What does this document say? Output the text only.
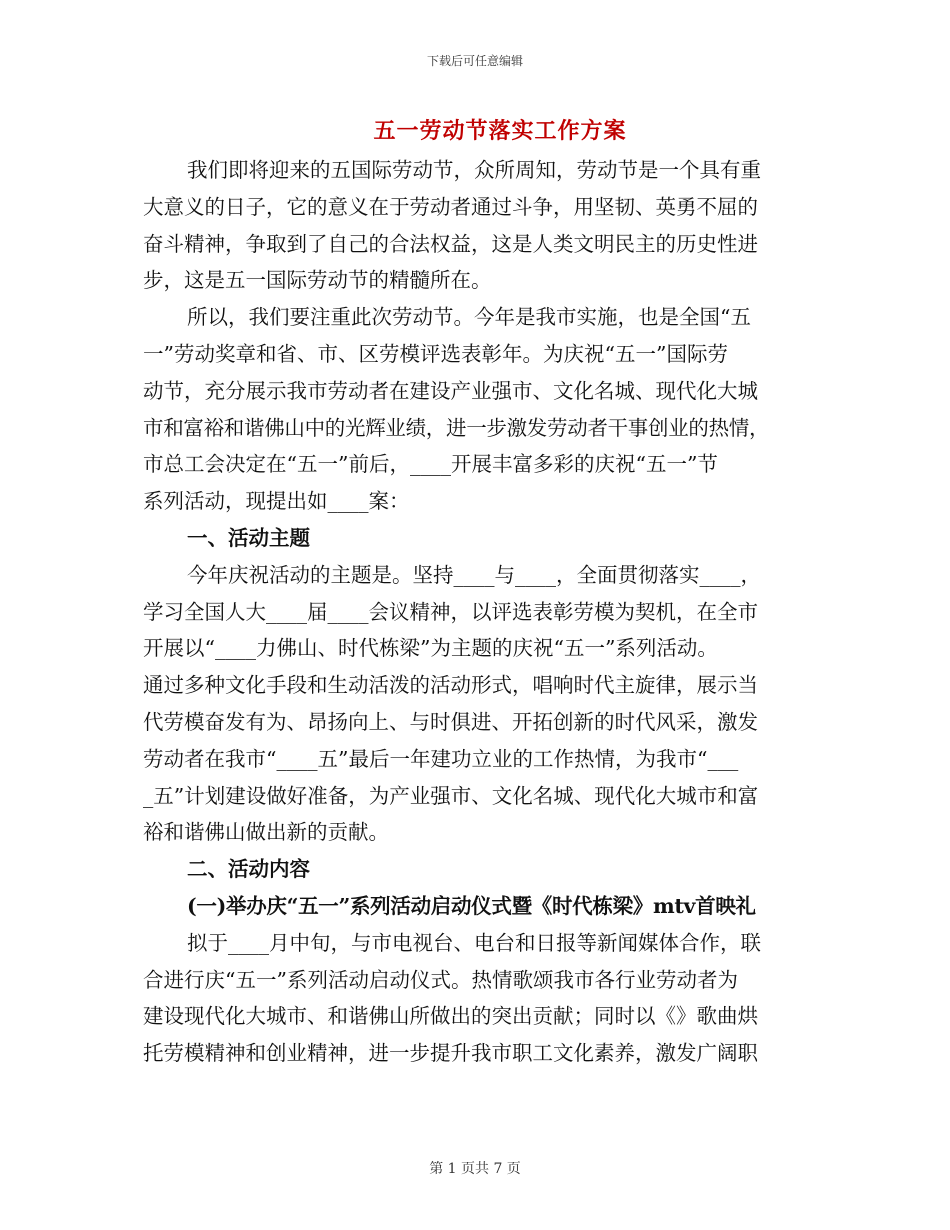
下载后可任意编辑
五一劳动节落实工作方案
我们即将迎来的五国际劳动节，众所周知，劳动节是一个具有重
大意义的日子，它的意义在于劳动者通过斗争，用坚韧、英勇不屈的
奋斗精神，争取到了自己的合法权益，这是人类文明民主的历史性进
步，这是五一国际劳动节的精髓所在。
所以，我们要注重此次劳动节。今年是我市实施，也是全国“五
一”劳动奖章和省、市、区劳模评选表彰年。为庆祝“五一”国际劳
动节，充分展示我市劳动者在建设产业强市、文化名城、现代化大城
市和富裕和谐佛山中的光辉业绩，进一步激发劳动者干事创业的热情，
市总工会决定在“五一”前后，____开展丰富多彩的庆祝“五一”节
系列活动，现提出如____案：
一、活动主题
今年庆祝活动的主题是。坚持____与____，全面贯彻落实____，
学习全国人大____届____会议精神，以评选表彰劳模为契机，在全市
开展以“____力佛山、时代栋梁”为主题的庆祝“五一”系列活动。
通过多种文化手段和生动活泼的活动形式，唱响时代主旋律，展示当
代劳模奋发有为、昂扬向上、与时俱进、开拓创新的时代风采，激发
劳动者在我市“____五”最后一年建功立业的工作热情，为我市“___
_五”计划建设做好准备，为产业强市、文化名城、现代化大城市和富
裕和谐佛山做出新的贡献。
二、活动内容
(一)举办庆“五一”系列活动启动仪式暨《时代栋梁》mtv首映礼
拟于____月中旬，与市电视台、电台和日报等新闻媒体合作，联
合进行庆“五一”系列活动启动仪式。热情歌颂我市各行业劳动者为
建设现代化大城市、和谐佛山所做出的突出贡献；同时以《》歌曲烘
托劳模精神和创业精神，进一步提升我市职工文化素养，激发广阔职
第 1 页共 7 页
